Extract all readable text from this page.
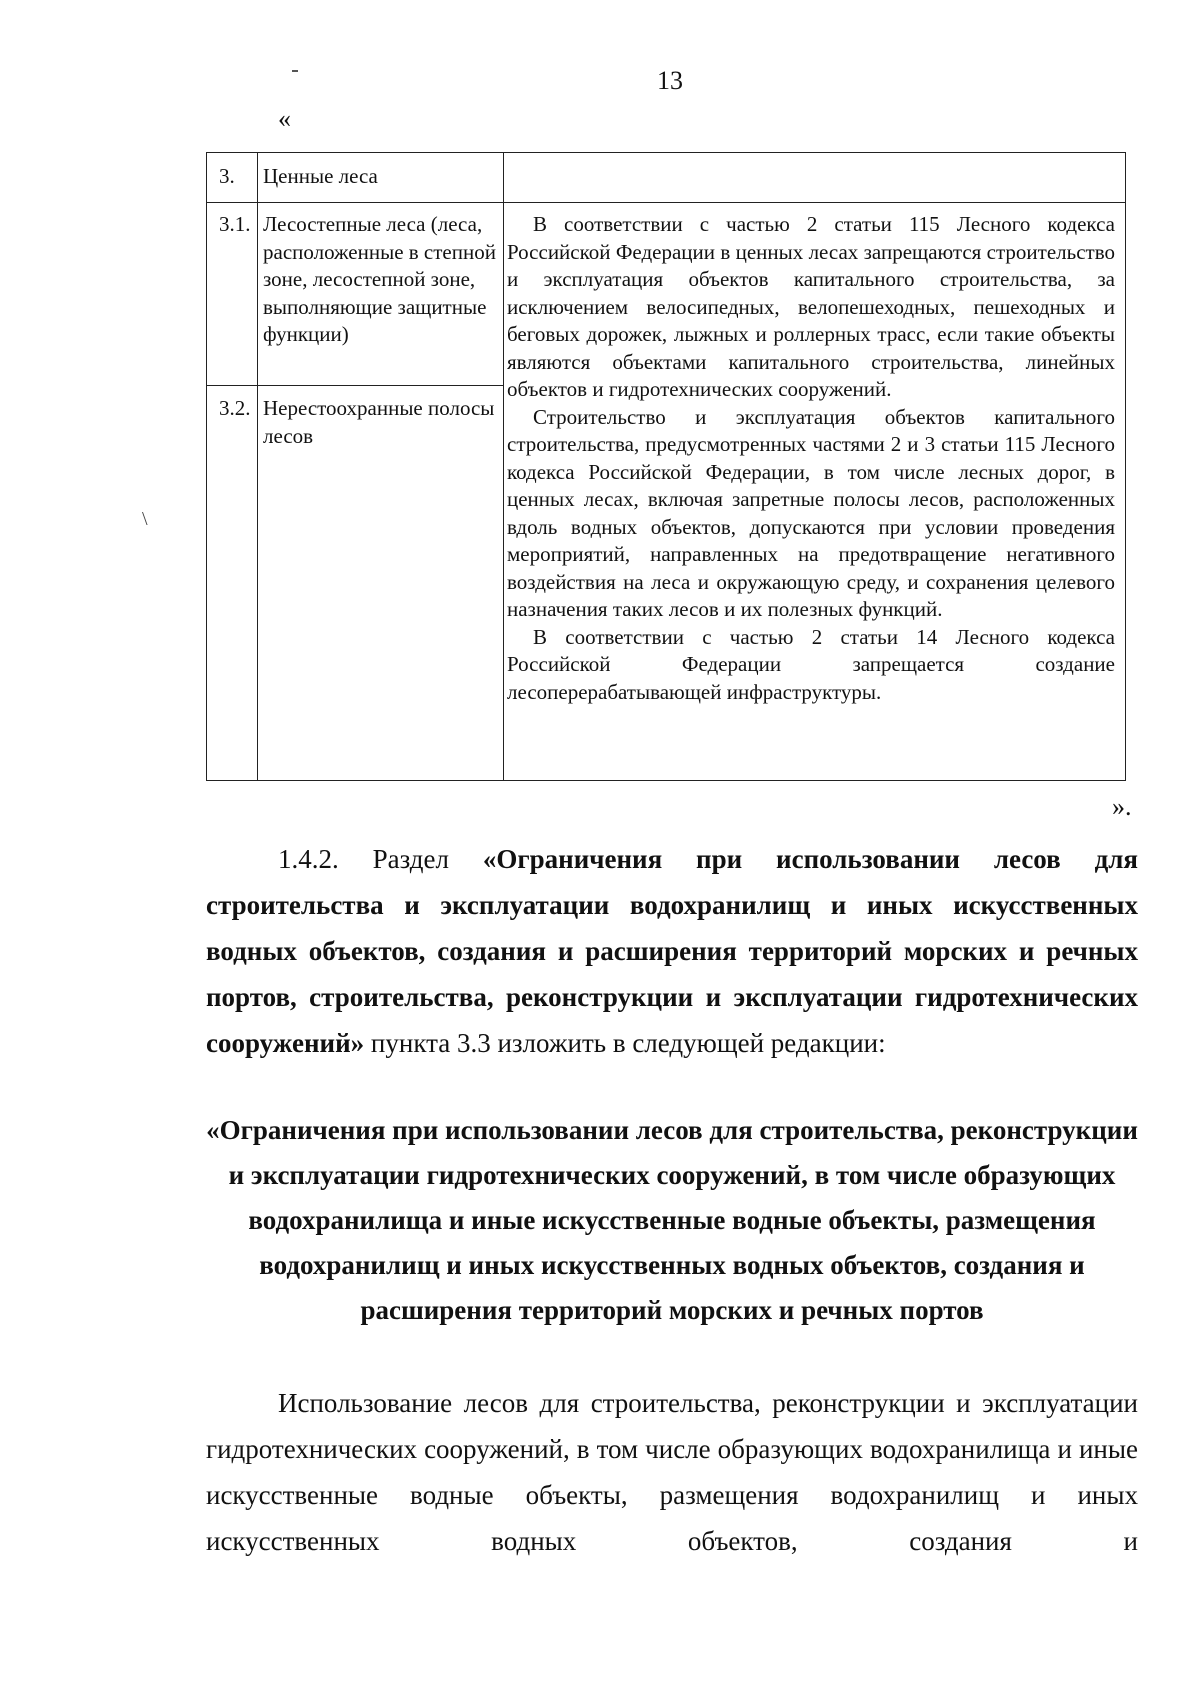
13
«
\
3. Ценные леса
3.1. Лесостепные леса (леса, расположенные в степной зоне, лесостепной зоне, выполняющие защитные функции)
3.2. Нерестоохранные полосы лесов

В соответствии с частью 2 статьи 115 Лесного кодекса Российской Федерации в ценных лесах запрещаются строительство и эксплуатация объектов капитального строительства, за исключением велосипедных, велопешеходных, пешеходных и беговых дорожек, лыжных и роллерных трасс, если такие объекты являются объектами капитального строительства, линейных объектов и гидротехнических сооружений.

Строительство и эксплуатация объектов капитального строительства, предусмотренных частями 2 и 3 статьи 115 Лесного кодекса Российской Федерации, в том числе лесных дорог, в ценных лесах, включая запретные полосы лесов, расположенных вдоль водных объектов, допускаются при условии проведения мероприятий, направленных на предотвращение негативного воздействия на леса и окружающую среду, и сохранения целевого назначения таких лесов и их полезных функций.

В соответствии с частью 2 статьи 14 Лесного кодекса Российской Федерации запрещается создание лесоперерабатывающей инфраструктуры.

».
1.4.2. Раздел «Ограничения при использовании лесов для строительства и эксплуатации водохранилищ и иных искусственных водных объектов, создания и расширения территорий морских и речных портов, строительства, реконструкции и эксплуатации гидротехнических сооружений» пункта 3.3 изложить в следующей редакции:
«Ограничения при использовании лесов для строительства, реконструкции и эксплуатации гидротехнических сооружений, в том числе образующих водохранилища и иные искусственные водные объекты, размещения водохранилищ и иных искусственных водных объектов, создания и расширения территорий морских и речных портов
Использование лесов для строительства, реконструкции и эксплуатации гидротехнических сооружений, в том числе образующих водохранилища и иные искусственные водные объекты, размещения водохранилищ и иных искусственных водных объектов, создания и
